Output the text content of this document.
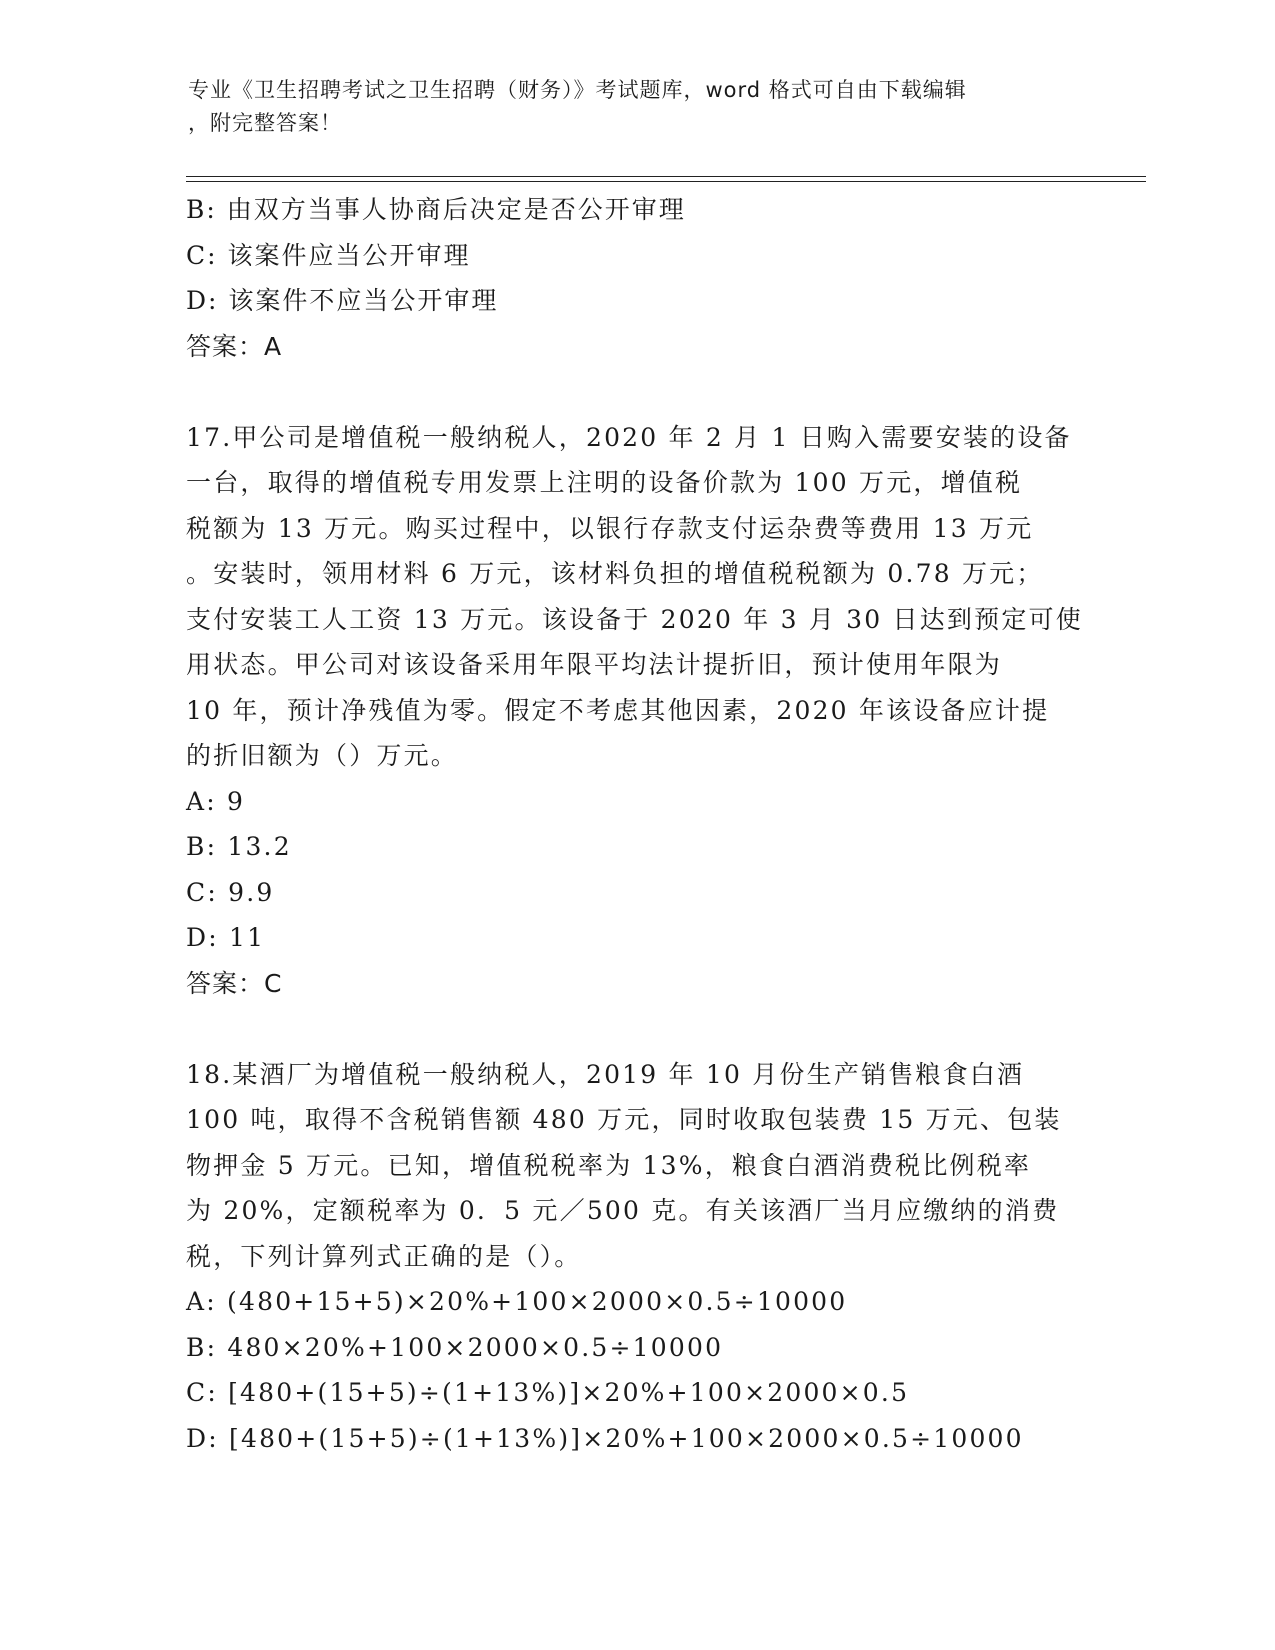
专业《卫生招聘考试之卫生招聘（财务）》考试题库，word 格式可自由下载编辑
，附完整答案！
B: 由双方当事人协商后决定是否公开审理
C: 该案件应当公开审理
D: 该案件不应当公开审理
答案：A
17.甲公司是增值税一般纳税人，2020 年 2 月 1 日购入需要安装的设备
一台，取得的增值税专用发票上注明的设备价款为 100 万元，增值税
税额为 13 万元。购买过程中，以银行存款支付运杂费等费用 13 万元
。安装时，领用材料 6 万元，该材料负担的增值税税额为 0.78 万元；
支付安装工人工资 13 万元。该设备于 2020 年 3 月 30 日达到预定可使
用状态。甲公司对该设备采用年限平均法计提折旧，预计使用年限为
10 年，预计净残值为零。假定不考虑其他因素，2020 年该设备应计提
的折旧额为（）万元。
A: 9
B: 13.2
C: 9.9
D: 11
答案：C
18.某酒厂为增值税一般纳税人，2019 年 10 月份生产销售粮食白酒
100 吨，取得不含税销售额 480 万元，同时收取包装费 15 万元、包装
物押金 5 万元。已知，增值税税率为 13%，粮食白酒消费税比例税率
为 20%，定额税率为 0．5 元／500 克。有关该酒厂当月应缴纳的消费
税，下列计算列式正确的是（）。
A: (480+15+5)×20%+100×2000×0.5÷10000
B: 480×20%+100×2000×0.5÷10000
C: [480+(15+5)÷(1+13%)]×20%+100×2000×0.5
D: [480+(15+5)÷(1+13%)]×20%+100×2000×0.5÷10000
